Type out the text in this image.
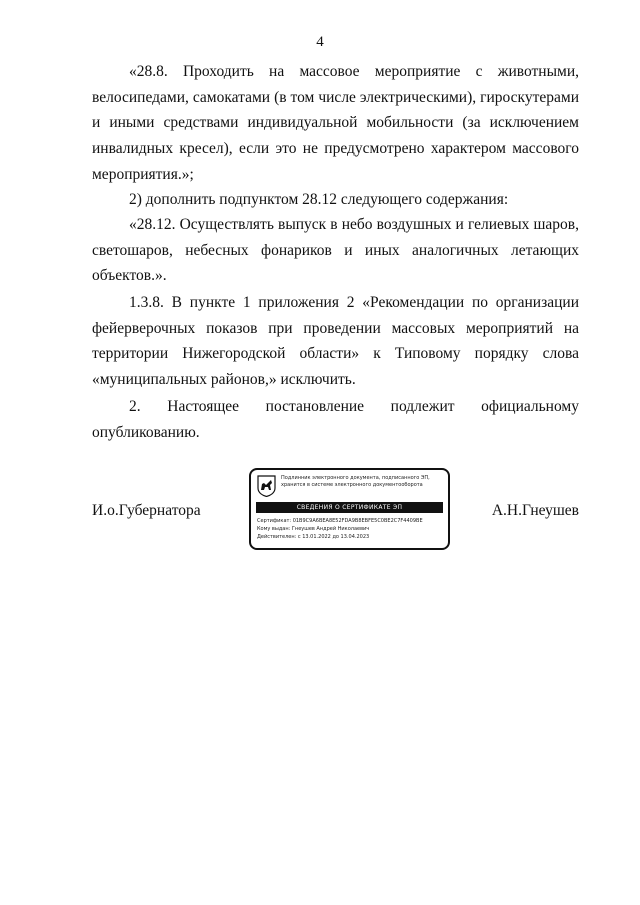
4

«28.8. Проходить на массовое мероприятие с животными, велосипедами, самокатами (в том числе электрическими), гироскутерами и иными средствами индивидуальной мобильности (за исключением инвалидных кресел), если это не предусмотрено характером массового мероприятия.»;

2) дополнить подпунктом 28.12 следующего содержания:

«28.12. Осуществлять выпуск в небо воздушных и гелиевых шаров, светошаров, небесных фонариков и иных аналогичных летающих объектов.».

1.3.8. В пункте 1 приложения 2 «Рекомендации по организации фейерверочных показов при проведении массовых мероприятий на территории Нижегородской области» к Типовому порядку слова «муниципальных районов,» исключить.

2. Настоящее постановление подлежит официальному опубликованию.

И.о.Губернатора	А.Н.Гнеушев
Подлинник электронного документа, подписанного ЭП, хранится в системе электронного документооборота
СВЕДЕНИЯ О СЕРТИФИКАТЕ ЭП
Сертификат: 01B9C9A6BEA8E52FDA9B8EBFE5C0BE2C7F4409BE
Кому выдан: Гнеушев Андрей Николаевич
Действителен: с 13.01.2022 до 13.04.2023
